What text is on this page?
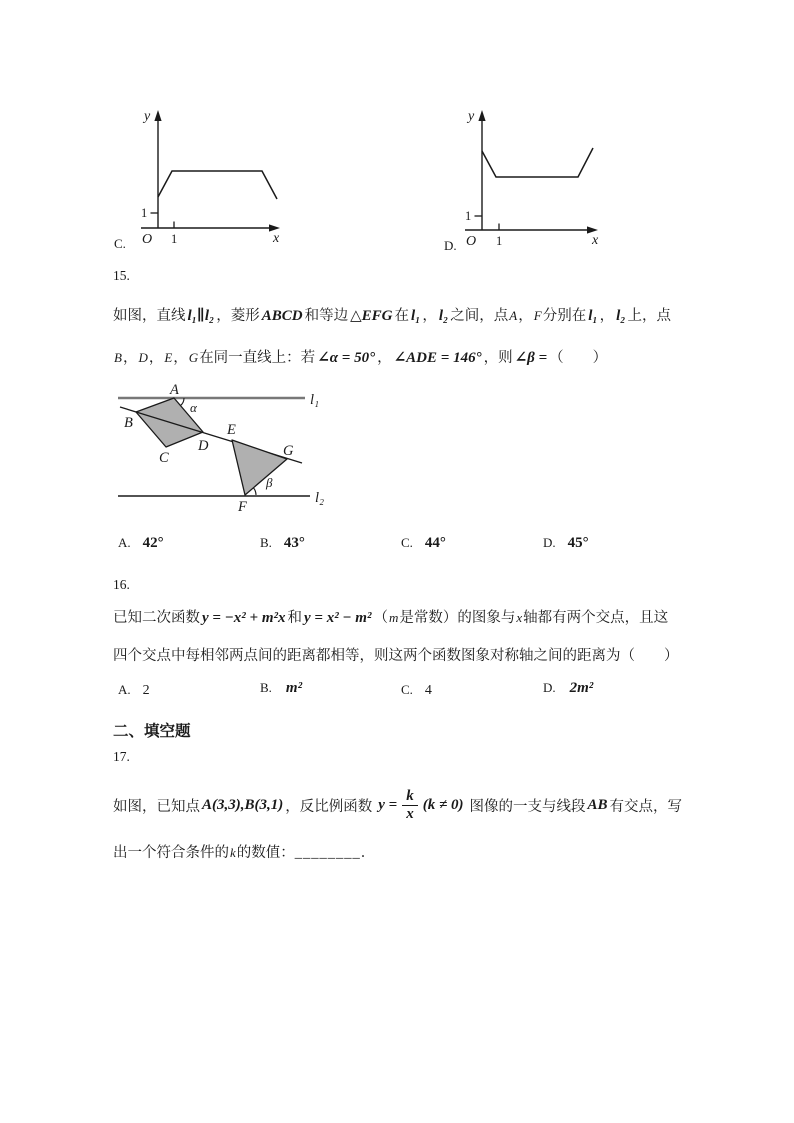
y
x
O
1
1
C.
y
x
O
1
1
D.
15.
如图，直线 l₁∥l₂ ，菱形 ABCD 和等边 △EFG 在 l₁ ， l₂ 之间，点A，F分别在 l₁ ， l₂ 上，点
B，D，E，G在同一直线上：若 ∠α = 50° ， ∠ADE = 146° ，则 ∠β = （　　）
A
B
C
D
E
F
G
α
β
l₁
l₂
A. 42°	B. 43°	C. 44°	D. 45°
16.
已知二次函数 y = −x² + m²x 和 y = x² − m² （m是常数）的图象与x轴都有两个交点，且这
四个交点中每相邻两点间的距离都相等，则这两个函数图象对称轴之间的距离为（　　）
A. 2	B. m²	C. 4	D. 2m²
二、填空题
17.
如图，已知点 A(3,3),B(3,1) ，反比例函数 $y = \frac{k}{x} (k \ne 0)$ 图像的一支与线段 AB 有交点，写
出一个符合条件的k的数值：________．
